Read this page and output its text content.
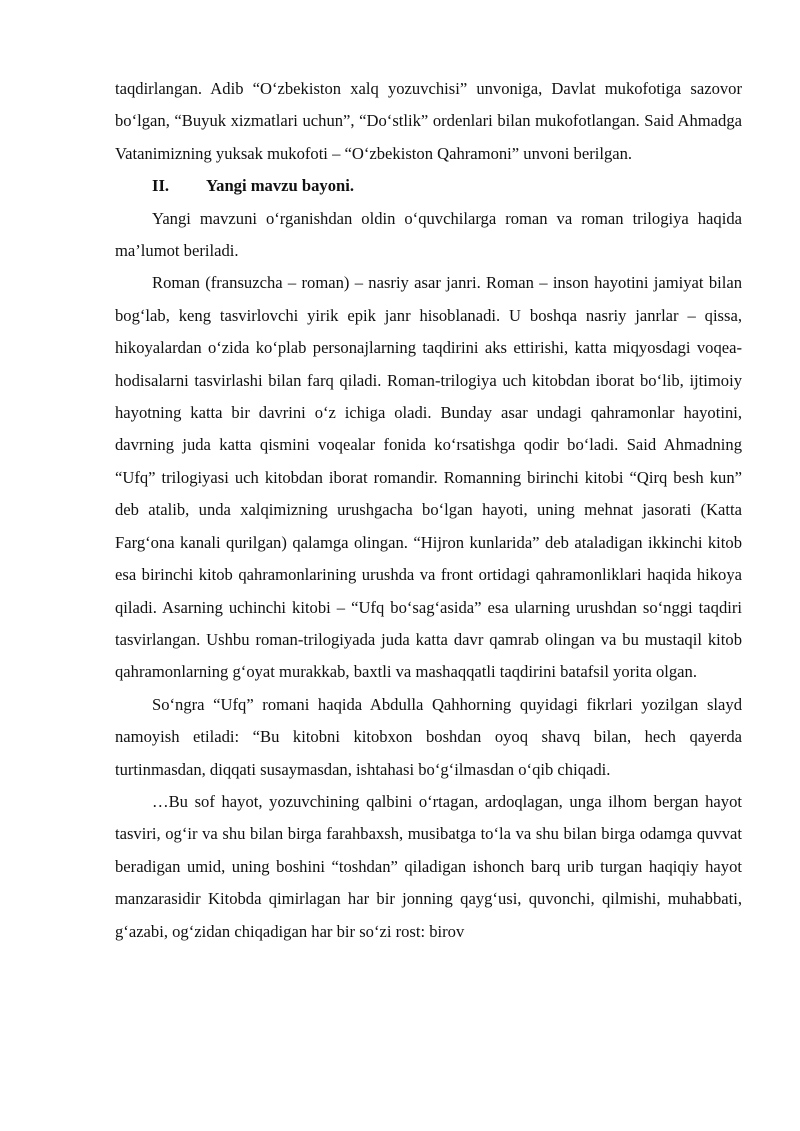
taqdirlangan. Adib “O‘zbekiston xalq yozuvchisi” unvoniga, Davlat mukofotiga sazovor bo‘lgan, “Buyuk xizmatlari uchun”, “Do‘stlik” ordenlari bilan mukofotlangan. Said Ahmadga Vatanimizning yuksak mukofoti – “O‘zbekiston Qahramoni” unvoni berilgan.

II.	Yangi mavzu bayoni.

Yangi mavzuni o‘rganishdan oldin o‘quvchilarga roman va roman trilogiya haqida ma’lumot beriladi.

Roman (fransuzcha – roman) – nasriy asar janri. Roman – inson hayotini jamiyat bilan bog‘lab, keng tasvirlovchi yirik epik janr hisoblanadi. U boshqa nasriy janrlar – qissa, hikoyalardan o‘zida ko‘plab personajlarning taqdirini aks ettirishi, katta miqyosdagi voqea-hodisalarni tasvirlashi bilan farq qiladi. Roman-trilogiya uch kitobdan iborat bo‘lib, ijtimoiy hayotning katta bir davrini o‘z ichiga oladi. Bunday asar undagi qahramonlar hayotini, davrning juda katta qismini voqealar fonida ko‘rsatishga qodir bo‘ladi. Said Ahmadning “Ufq” trilogiyasi uch kitobdan iborat romandir. Romanning birinchi kitobi “Qirq besh kun” deb atalib, unda xalqimizning urushgacha bo‘lgan hayoti, uning mehnat jasorati (Katta Farg‘ona kanali qurilgan) qalamga olingan. “Hijron kunlarida” deb ataladigan ikkinchi kitob esa birinchi kitob qahramonlarining urushda va front ortidagi qahramonliklari haqida hikoya qiladi. Asarning uchinchi kitobi – “Ufq bo‘sag‘asida” esa ularning urushdan so‘nggi taqdiri tasvirlangan. Ushbu roman-trilogiyada juda katta davr qamrab olingan va bu mustaqil kitob qahramonlarning g‘oyat murakkab, baxtli va mashaqqatli taqdirini batafsil yorita olgan.

So‘ngra “Ufq” romani haqida Abdulla Qahhorning quyidagi fikrlari yozilgan slayd namoyish etiladi: “Bu kitobni kitobxon boshdan oyoq shavq bilan, hech qayerda turtinmasdan, diqqati susaymasdan, ishtahasi bo‘g‘ilmasdan o‘qib chiqadi.

…Bu sof hayot, yozuvchining qalbini o‘rtagan, ardoqlagan, unga ilhom bergan hayot tasviri, og‘ir va shu bilan birga farahbaxsh, musibatga to‘la va shu bilan birga odamga quvvat beradigan umid, uning boshini “toshdan” qiladigan ishonch barq urib turgan haqiqiy hayot manzarasidir Kitobda qimirlagan har bir jonning qayg‘usi, quvonchi, qilmishi, muhabbati, g‘azabi, og‘zidan chiqadigan har bir so‘zi rost: birov
